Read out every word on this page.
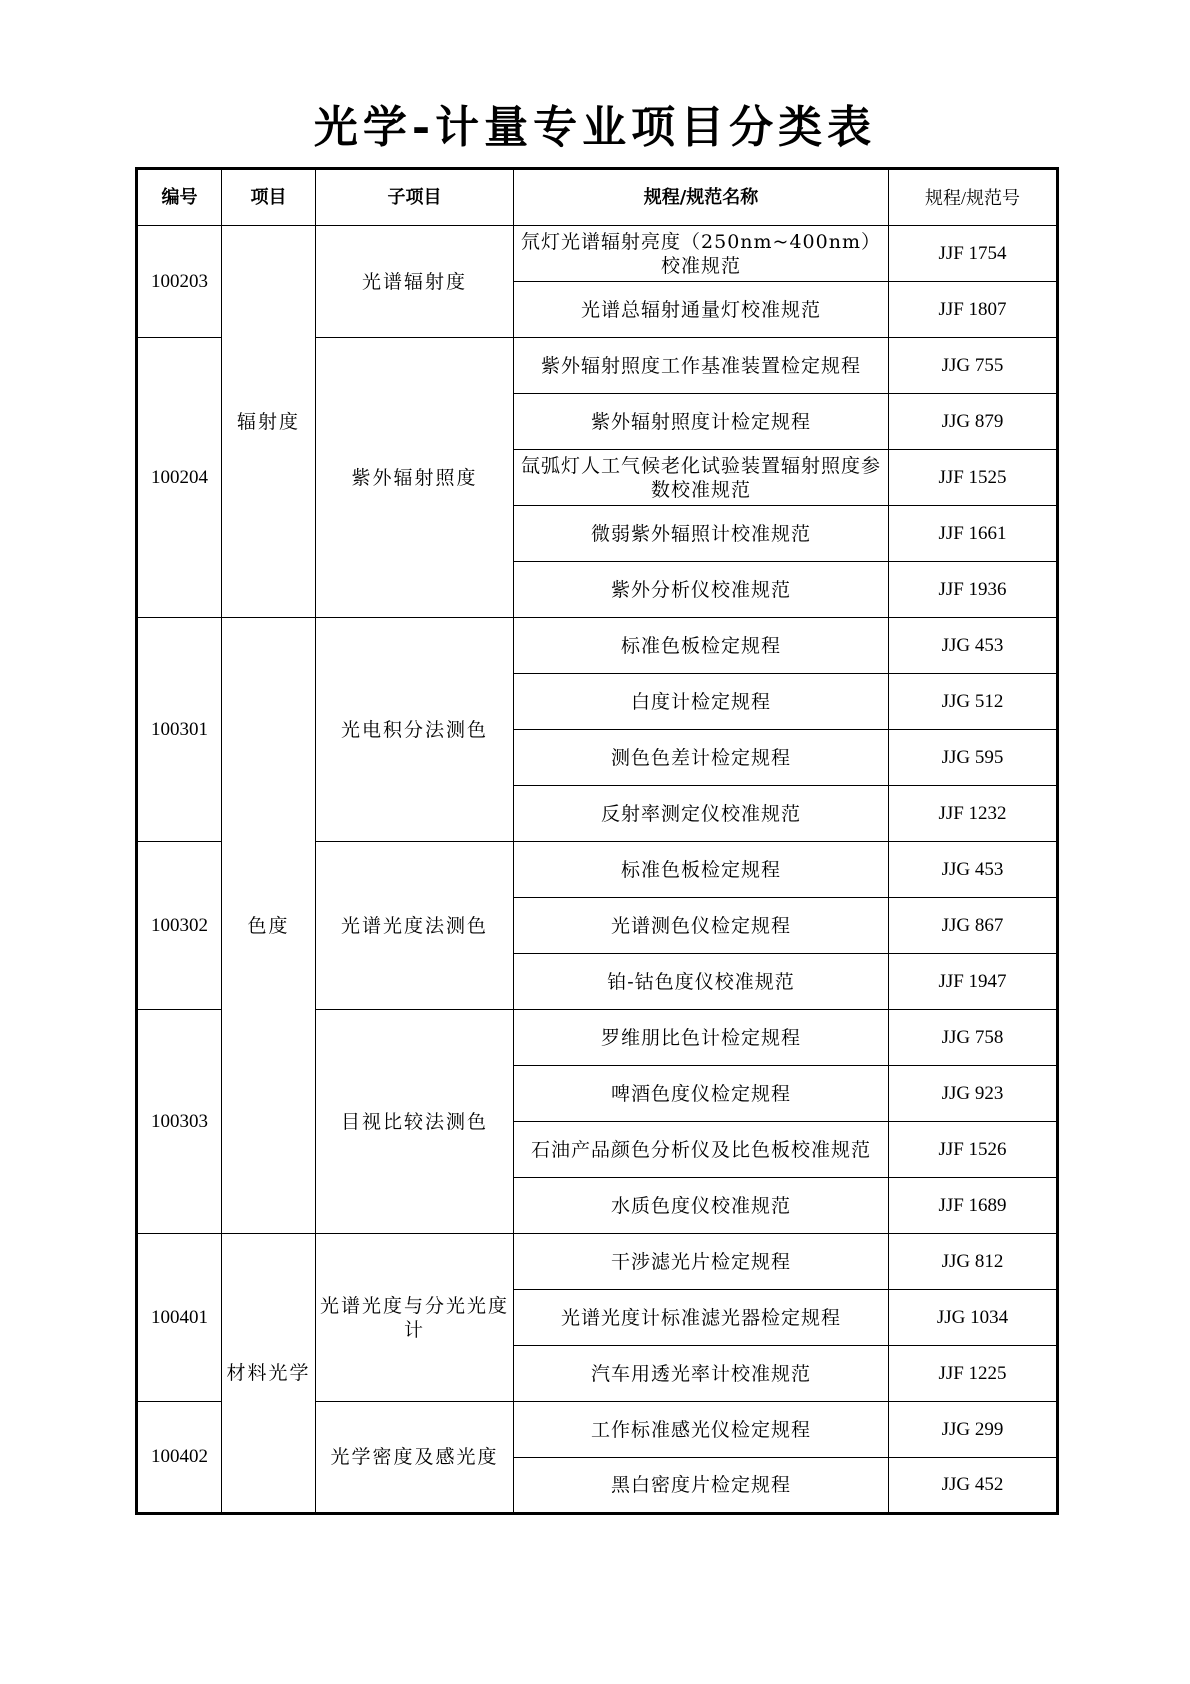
光学-计量专业项目分类表
编号	项目	子项目	规程/规范名称	规程/规范号
100203	辐射度	光谱辐射度	氘灯光谱辐射亮度（250nm~400nm）校准规范	JJF 1754
			光谱总辐射通量灯校准规范	JJF 1807
100204		紫外辐射照度	紫外辐射照度工作基准装置检定规程	JJG 755
			紫外辐射照度计检定规程	JJG 879
			氙弧灯人工气候老化试验装置辐射照度参数校准规范	JJF 1525
			微弱紫外辐照计校准规范	JJF 1661
			紫外分析仪校准规范	JJF 1936
100301	色度	光电积分法测色	标准色板检定规程	JJG 453
			白度计检定规程	JJG 512
			测色色差计检定规程	JJG 595
			反射率测定仪校准规范	JJF 1232
100302		光谱光度法测色	标准色板检定规程	JJG 453
			光谱测色仪检定规程	JJG 867
			铂-钴色度仪校准规范	JJF 1947
100303		目视比较法测色	罗维朋比色计检定规程	JJG 758
			啤酒色度仪检定规程	JJG 923
			石油产品颜色分析仪及比色板校准规范	JJF 1526
			水质色度仪校准规范	JJF 1689
100401	材料光学	光谱光度与分光光度计	干涉滤光片检定规程	JJG 812
			光谱光度计标准滤光器检定规程	JJG 1034
			汽车用透光率计校准规范	JJF 1225
100402		光学密度及感光度	工作标准感光仪检定规程	JJG 299
			黑白密度片检定规程	JJG 452
